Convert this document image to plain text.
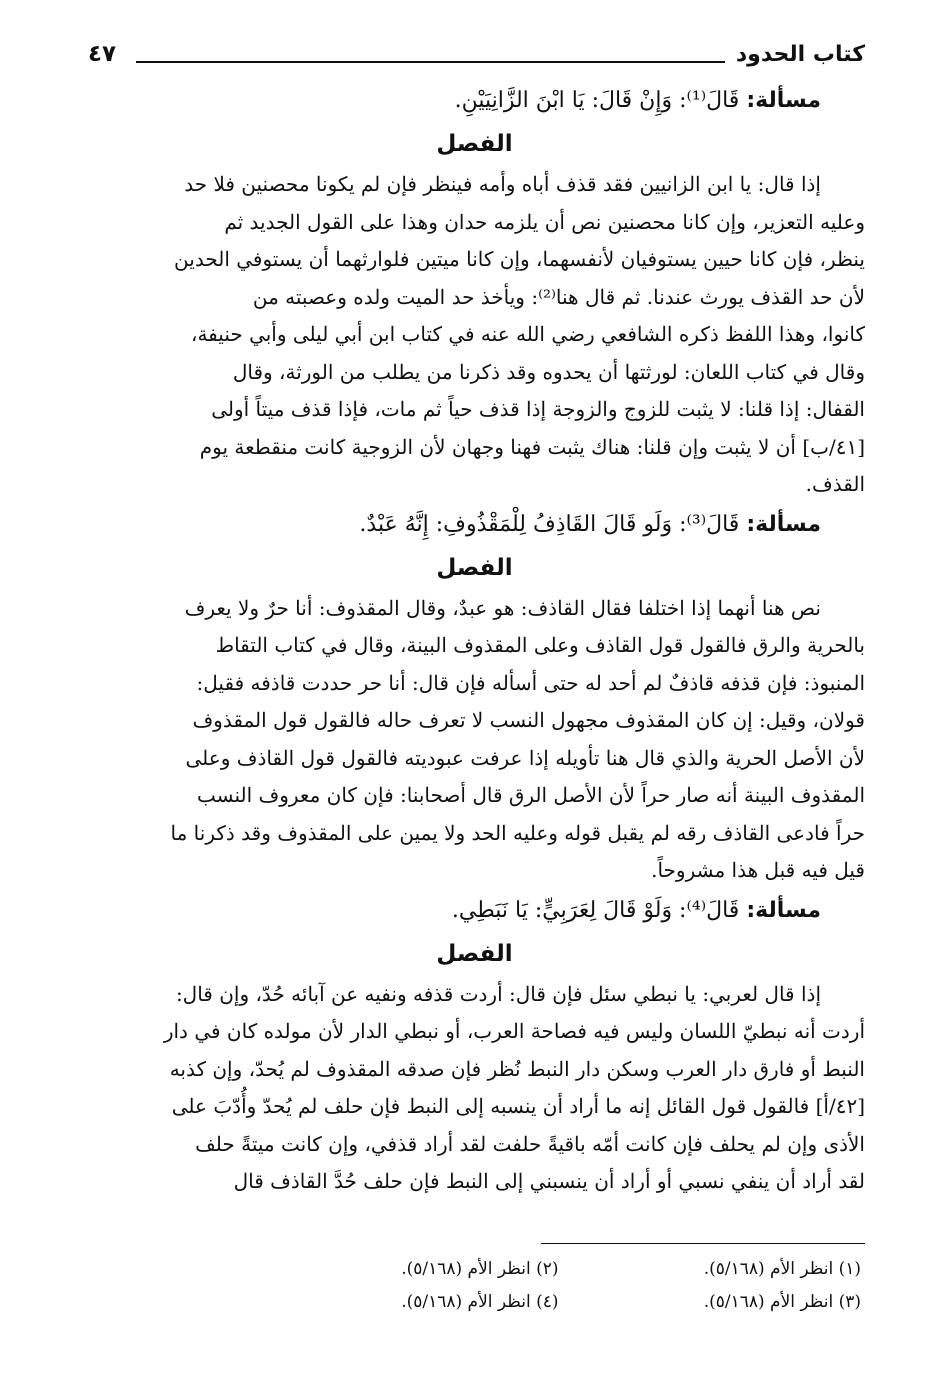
كتاب الحدود
٤٧
مسألة: قَالَ⁽¹⁾: وَإِنْ قَالَ: يَا ابْنَ الزَّانِيَيْنِ.
الفصل
إذا قال: يا ابن الزانيين فقد قذف أباه وأمه فينظر فإن لم يكونا محصنين فلا حد
وعليه التعزير، وإن كانا محصنين نص أن يلزمه حدان وهذا على القول الجديد ثم
ينظر، فإن كانا حيين يستوفيان لأنفسهما، وإن كانا ميتين فلوارثهما أن يستوفي الحدين
لأن حد القذف يورث عندنا. ثم قال هنا⁽²⁾: ويأخذ حد الميت ولده وعصبته من
كانوا، وهذا اللفظ ذكره الشافعي رضي الله عنه في كتاب ابن أبي ليلى وأبي حنيفة،
وقال في كتاب اللعان: لورثتها أن يحدوه وقد ذكرنا من يطلب من الورثة، وقال
القفال: إذا قلنا: لا يثبت للزوج والزوجة إذا قذف حياً ثم مات، فإذا قذف ميتاً أولى
[٤١/ب] أن لا يثبت وإن قلنا: هناك يثبت فهنا وجهان لأن الزوجية كانت منقطعة يوم
القذف.
مسألة: قَالَ⁽³⁾: وَلَو قَالَ القَاذِفُ لِلْمَقْذُوفِ: إِنَّهُ عَبْدٌ.
الفصل
نص هنا أنهما إذا اختلفا فقال القاذف: هو عبدٌ، وقال المقذوف: أنا حرٌ ولا يعرف
بالحرية والرق فالقول قول القاذف وعلى المقذوف البينة، وقال في كتاب التقاط
المنبوذ: فإن قذفه قاذفٌ لم أحد له حتى أسأله فإن قال: أنا حر حددت قاذفه فقيل:
قولان، وقيل: إن كان المقذوف مجهول النسب لا تعرف حاله فالقول قول المقذوف
لأن الأصل الحرية والذي قال هنا تأويله إذا عرفت عبوديته فالقول قول القاذف وعلى
المقذوف البينة أنه صار حراً لأن الأصل الرق قال أصحابنا: فإن كان معروف النسب
حراً فادعى القاذف رقه لم يقبل قوله وعليه الحد ولا يمين على المقذوف وقد ذكرنا ما
قيل فيه قبل هذا مشروحاً.
مسألة: قَالَ⁽⁴⁾: وَلَوْ قَالَ لِعَرَبِيٍّ: يَا نَبَطِي.
الفصل
إذا قال لعربي: يا نبطي سئل فإن قال: أردت قذفه ونفيه عن آبائه حُدّ، وإن قال:
أردت أنه نبطيّ اللسان وليس فيه فصاحة العرب، أو نبطي الدار لأن مولده كان في دار
النبط أو فارق دار العرب وسكن دار النبط نُظر فإن صدقه المقذوف لم يُحدّ، وإن كذبه
[٤٢/أ] فالقول قول القائل إنه ما أراد أن ينسبه إلى النبط فإن حلف لم يُحدّ وأُدّبَ على
الأذى وإن لم يحلف فإن كانت أمّه باقيةً حلفت لقد أراد قذفي، وإن كانت ميتةً حلف
لقد أراد أن ينفي نسبي أو أراد أن ينسبني إلى النبط فإن حلف حُدَّ القاذف قال
(١) انظر الأم (٥/١٦٨).
(٢) انظر الأم (٥/١٦٨).
(٣) انظر الأم (٥/١٦٨).
(٤) انظر الأم (٥/١٦٨).
